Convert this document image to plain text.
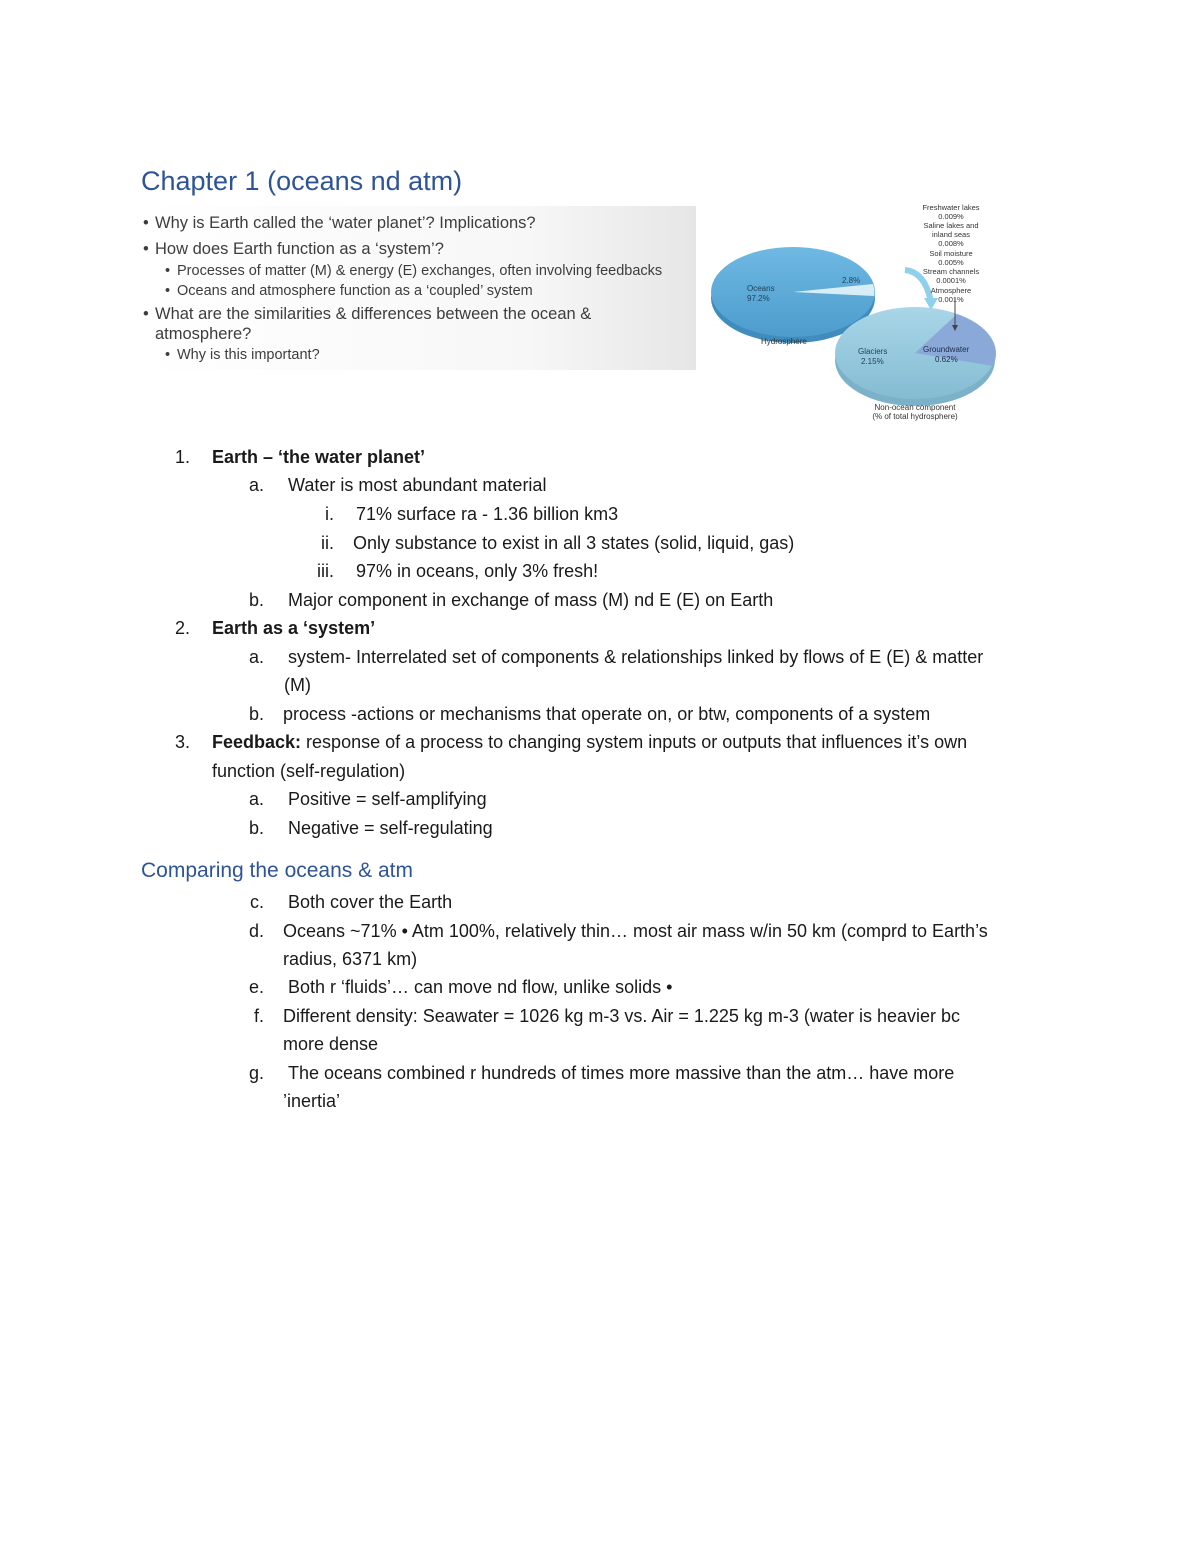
Chapter 1 (oceans nd atm)
• Why is Earth called the ‘water planet’? Implications?
• How does Earth function as a ‘system’?
• Processes of matter (M) & energy (E) exchanges, often involving feedbacks
• Oceans and atmosphere function as a ‘coupled’ system
• What are the similarities & differences between the ocean &
atmosphere?
• Why is this important?
Oceans
97.2%
2.8%
Hydrosphere
Glaciers
2.15%
Groundwater
0.62%
Non-ocean component
(% of total hydrosphere)
Freshwater lakes
0.009%
Saline lakes and
inland seas
0.008%
Soil moisture
0.005%
Stream channels
0.0001%
Atmosphere
0.001%
1. Earth – ‘the water planet’
a. Water is most abundant material
i. 71% surface ra - 1.36 billion km3
ii. Only substance to exist in all 3 states (solid, liquid, gas)
iii. 97% in oceans, only 3% fresh!
b. Major component in exchange of mass (M) nd E (E) on Earth
2. Earth as a ‘system’
a. system- Interrelated set of components & relationships linked by flows of E (E) & matter
(M)
b. process -actions or mechanisms that operate on, or btw, components of a system
3. Feedback: response of a process to changing system inputs or outputs that influences it’s own
function (self-regulation)
a. Positive = self-amplifying
b. Negative = self-regulating
Comparing the oceans & atm
c. Both cover the Earth
d. Oceans ~71% • Atm 100%, relatively thin… most air mass w/in 50 km (comprd to Earth’s
radius, 6371 km)
e. Both r ‘fluids’… can move nd flow, unlike solids •
f. Different density: Seawater = 1026 kg m-3 vs. Air = 1.225 kg m-3 (water is heavier bc
more dense
g. The oceans combined r hundreds of times more massive than the atm… have more
’inertia’
